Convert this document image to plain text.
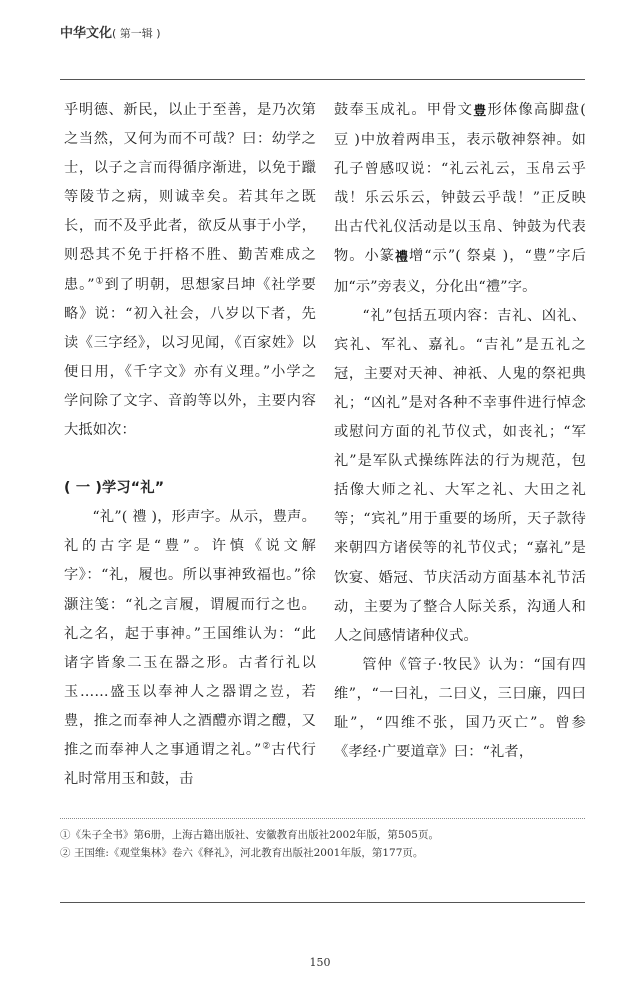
中华文化( 第一辑 )

乎明德、新民，以止于至善，是乃次第之当然，又何为而不可哉？曰：幼学之士，以子之言而得循序渐进，以免于躐等陵节之病，则诚幸矣。若其年之既长，而不及乎此者，欲反从事于小学，则恐其不免于扞格不胜、勤苦难成之患。”①到了明朝，思想家吕坤《社学要略》说：“初入社会，八岁以下者，先读《三字经》，以习见闻，《百家姓》以便日用，《千字文》亦有义理。”小学之学问除了文字、音韵等以外，主要内容大抵如次：

( 一 )学习“礼”

“礼”( 禮 )，形声字。从示，豊声。礼的古字是“豊”。许慎《说文解字》：“礼，履也。所以事神致福也。”徐灏注笺：“礼之言履，谓履而行之也。礼之名，起于事神。”王国维认为：“此诸字皆象二玉在器之形。古者行礼以玉……盛玉以奉神人之器谓之𧯛，若豊，推之而奉神人之酒醴亦谓之醴，又推之而奉神人之事通谓之礼。”②古代行礼时常用玉和鼓，击

鼓奉玉成礼。甲骨文豊形体像高脚盘( 豆 )中放着两串玉，表示敬神祭神。如孔子曾感叹说：“礼云礼云，玉帛云乎哉！乐云乐云，钟鼓云乎哉！”正反映出古代礼仪活动是以玉帛、钟鼓为代表物。小篆禮增“示”( 祭桌 )，“豊”字后加“示”旁表义，分化出“禮”字。

“礼”包括五项内容：吉礼、凶礼、宾礼、军礼、嘉礼。“吉礼”是五礼之冠，主要对天神、神祇、人鬼的祭祀典礼；“凶礼”是对各种不幸事件进行悼念或慰问方面的礼节仪式，如丧礼；“军礼”是军队式操练阵法的行为规范，包括像大师之礼、大军之礼、大田之礼等；“宾礼”用于重要的场所，天子款待来朝四方诸侯等的礼节仪式；“嘉礼”是饮宴、婚冠、节庆活动方面基本礼节活动，主要为了整合人际关系，沟通人和人之间感情诸种仪式。

管仲《管子·牧民》认为：“国有四维”，“一曰礼，二曰义，三曰廉，四曰耻”，“四维不张，国乃灭亡”。曾参《孝经·广要道章》曰：“礼者，

①《朱子全书》第6册，上海古籍出版社、安徽教育出版社2002年版，第505页。
② 王国维:《观堂集林》卷六《释礼》，河北教育出版社2001年版，第177页。
150
